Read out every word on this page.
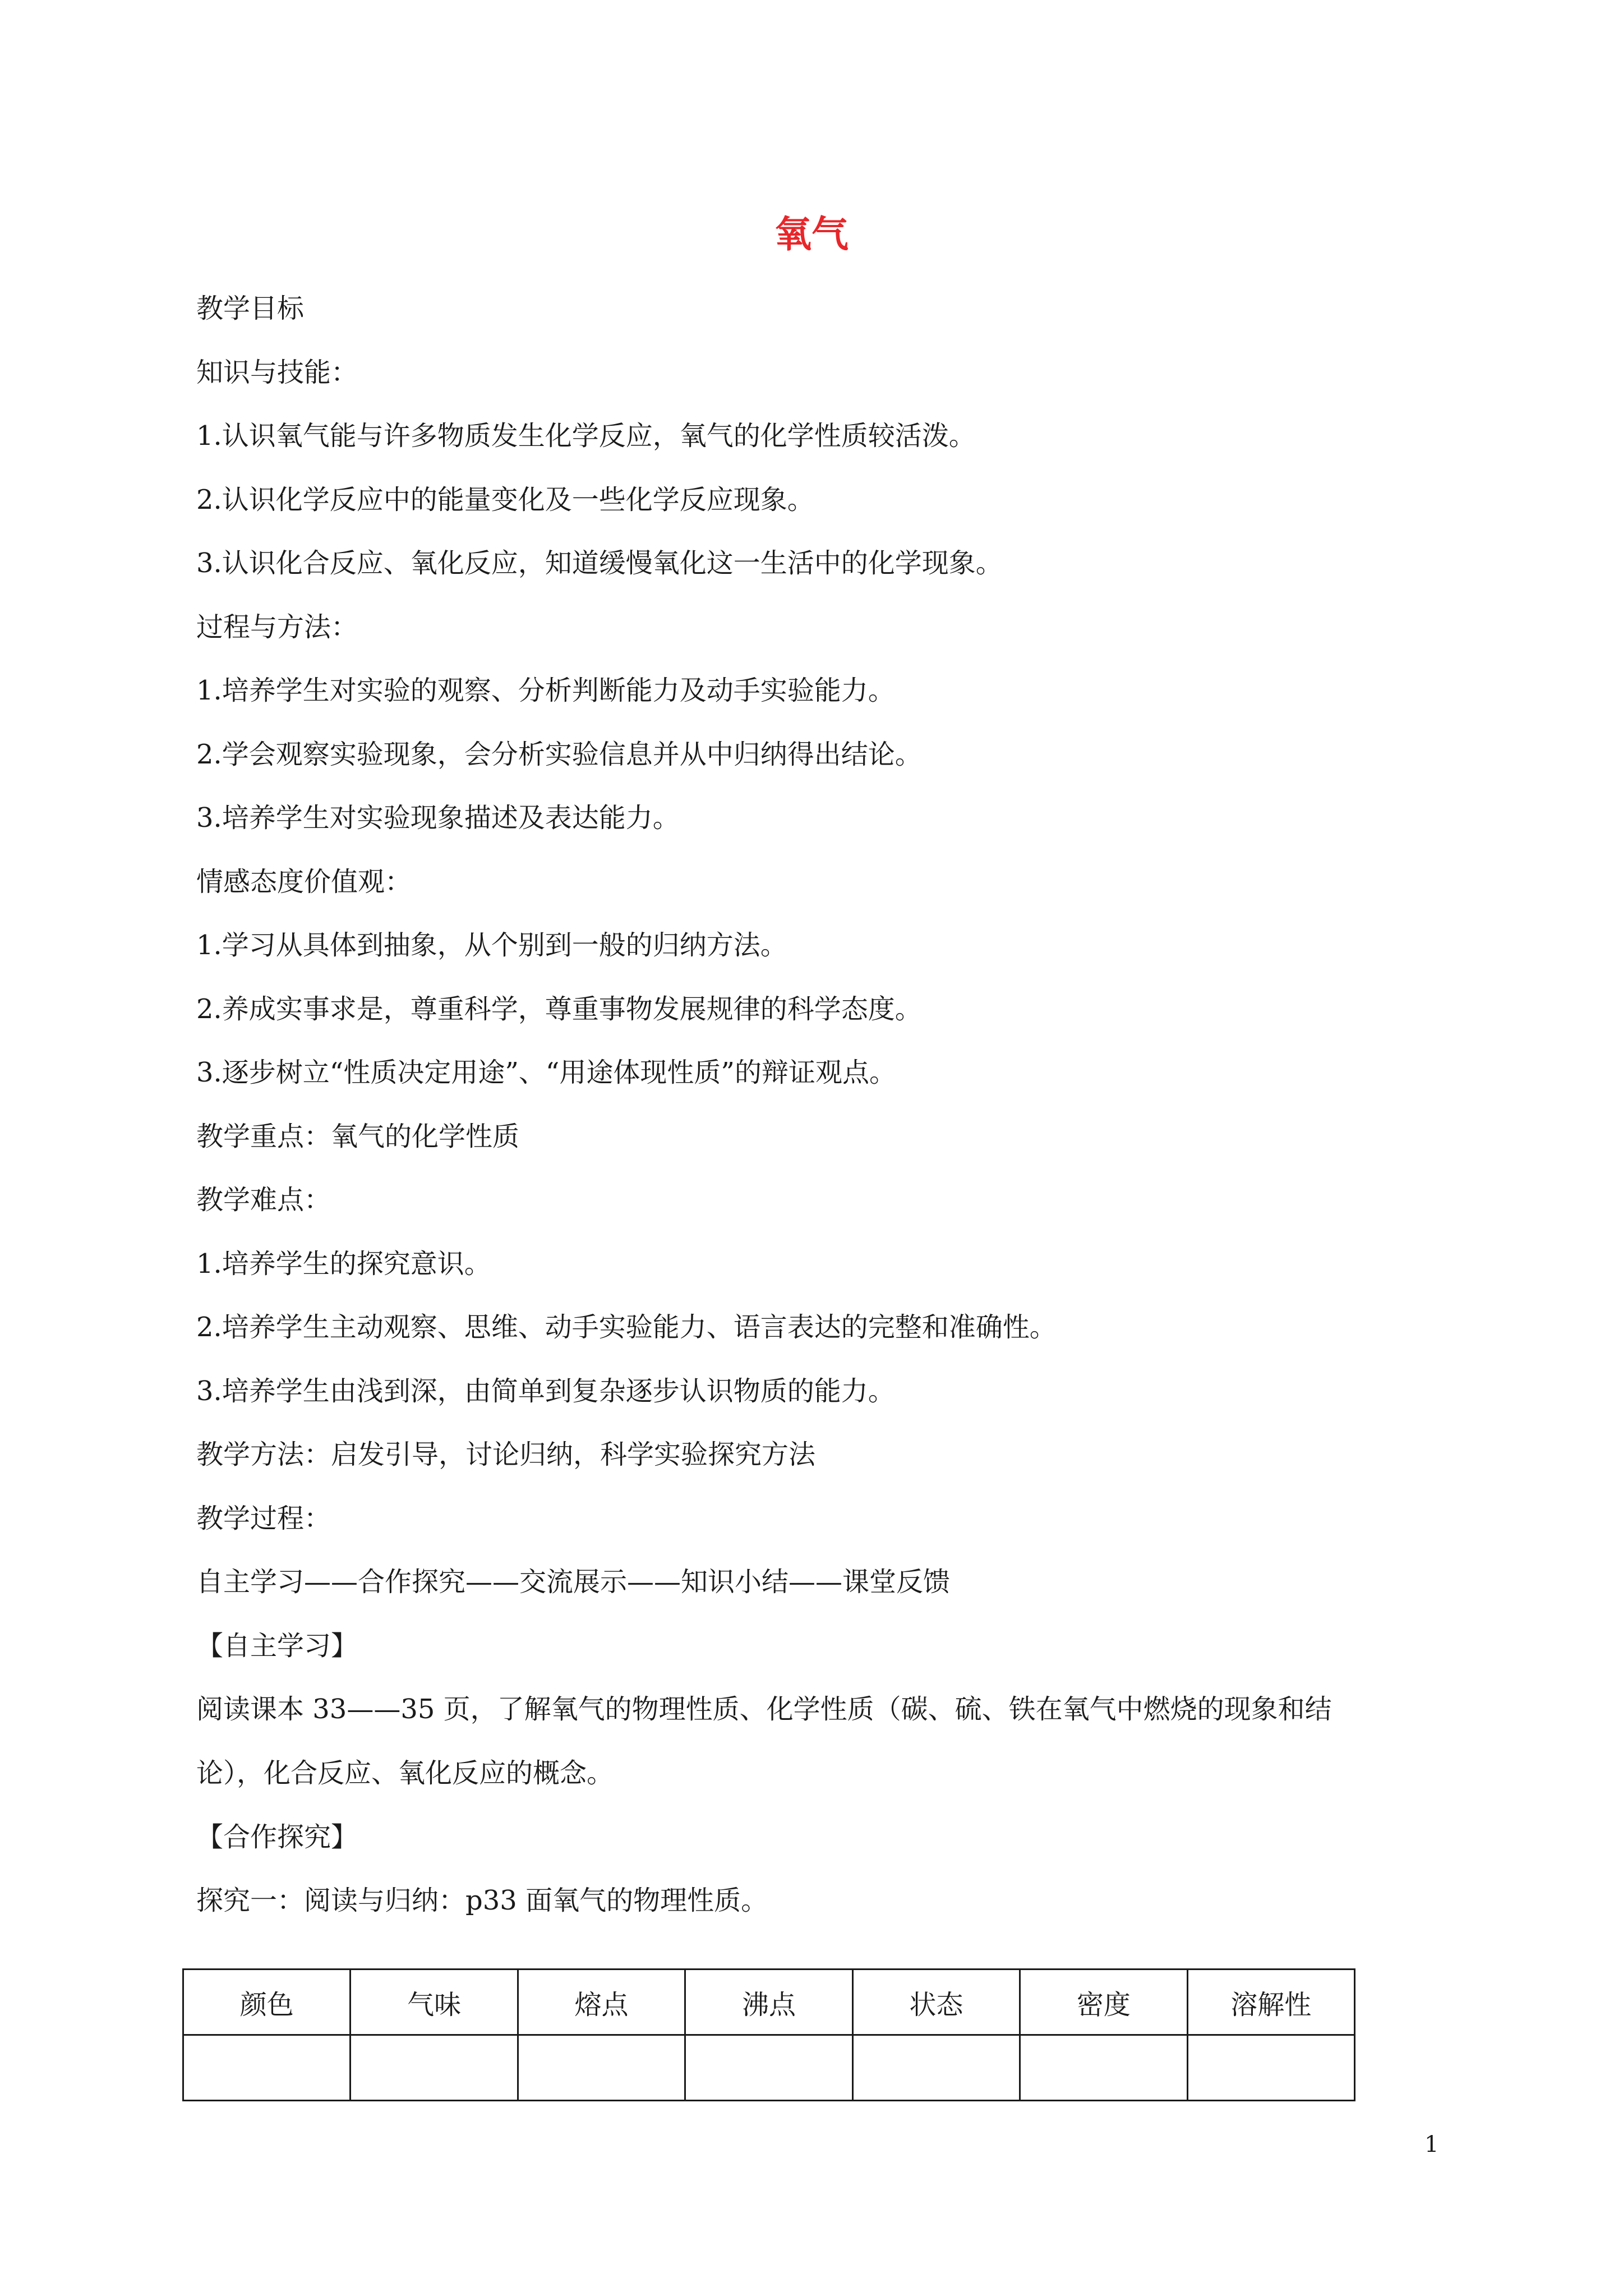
氧气
教学目标
知识与技能：
1.认识氧气能与许多物质发生化学反应，氧气的化学性质较活泼。
2.认识化学反应中的能量变化及一些化学反应现象。
3.认识化合反应、氧化反应，知道缓慢氧化这一生活中的化学现象。
过程与方法：
1.培养学生对实验的观察、分析判断能力及动手实验能力。
2.学会观察实验现象，会分析实验信息并从中归纳得出结论。
3.培养学生对实验现象描述及表达能力。
情感态度价值观：
1.学习从具体到抽象，从个别到一般的归纳方法。
2.养成实事求是，尊重科学，尊重事物发展规律的科学态度。
3.逐步树立“性质决定用途”、“用途体现性质”的辩证观点。
教学重点：氧气的化学性质
教学难点：
1.培养学生的探究意识。
2.培养学生主动观察、思维、动手实验能力、语言表达的完整和准确性。
3.培养学生由浅到深，由简单到复杂逐步认识物质的能力。
教学方法：启发引导，讨论归纳，科学实验探究方法
教学过程：
自主学习——合作探究——交流展示——知识小结——课堂反馈
【自主学习】
阅读课本 33——35 页，了解氧气的物理性质、化学性质（碳、硫、铁在氧气中燃烧的现象和结
论），化合反应、氧化反应的概念。
【合作探究】
探究一：阅读与归纳：p33 面氧气的物理性质。
颜色	气味	熔点	沸点	状态	密度	溶解性

1
